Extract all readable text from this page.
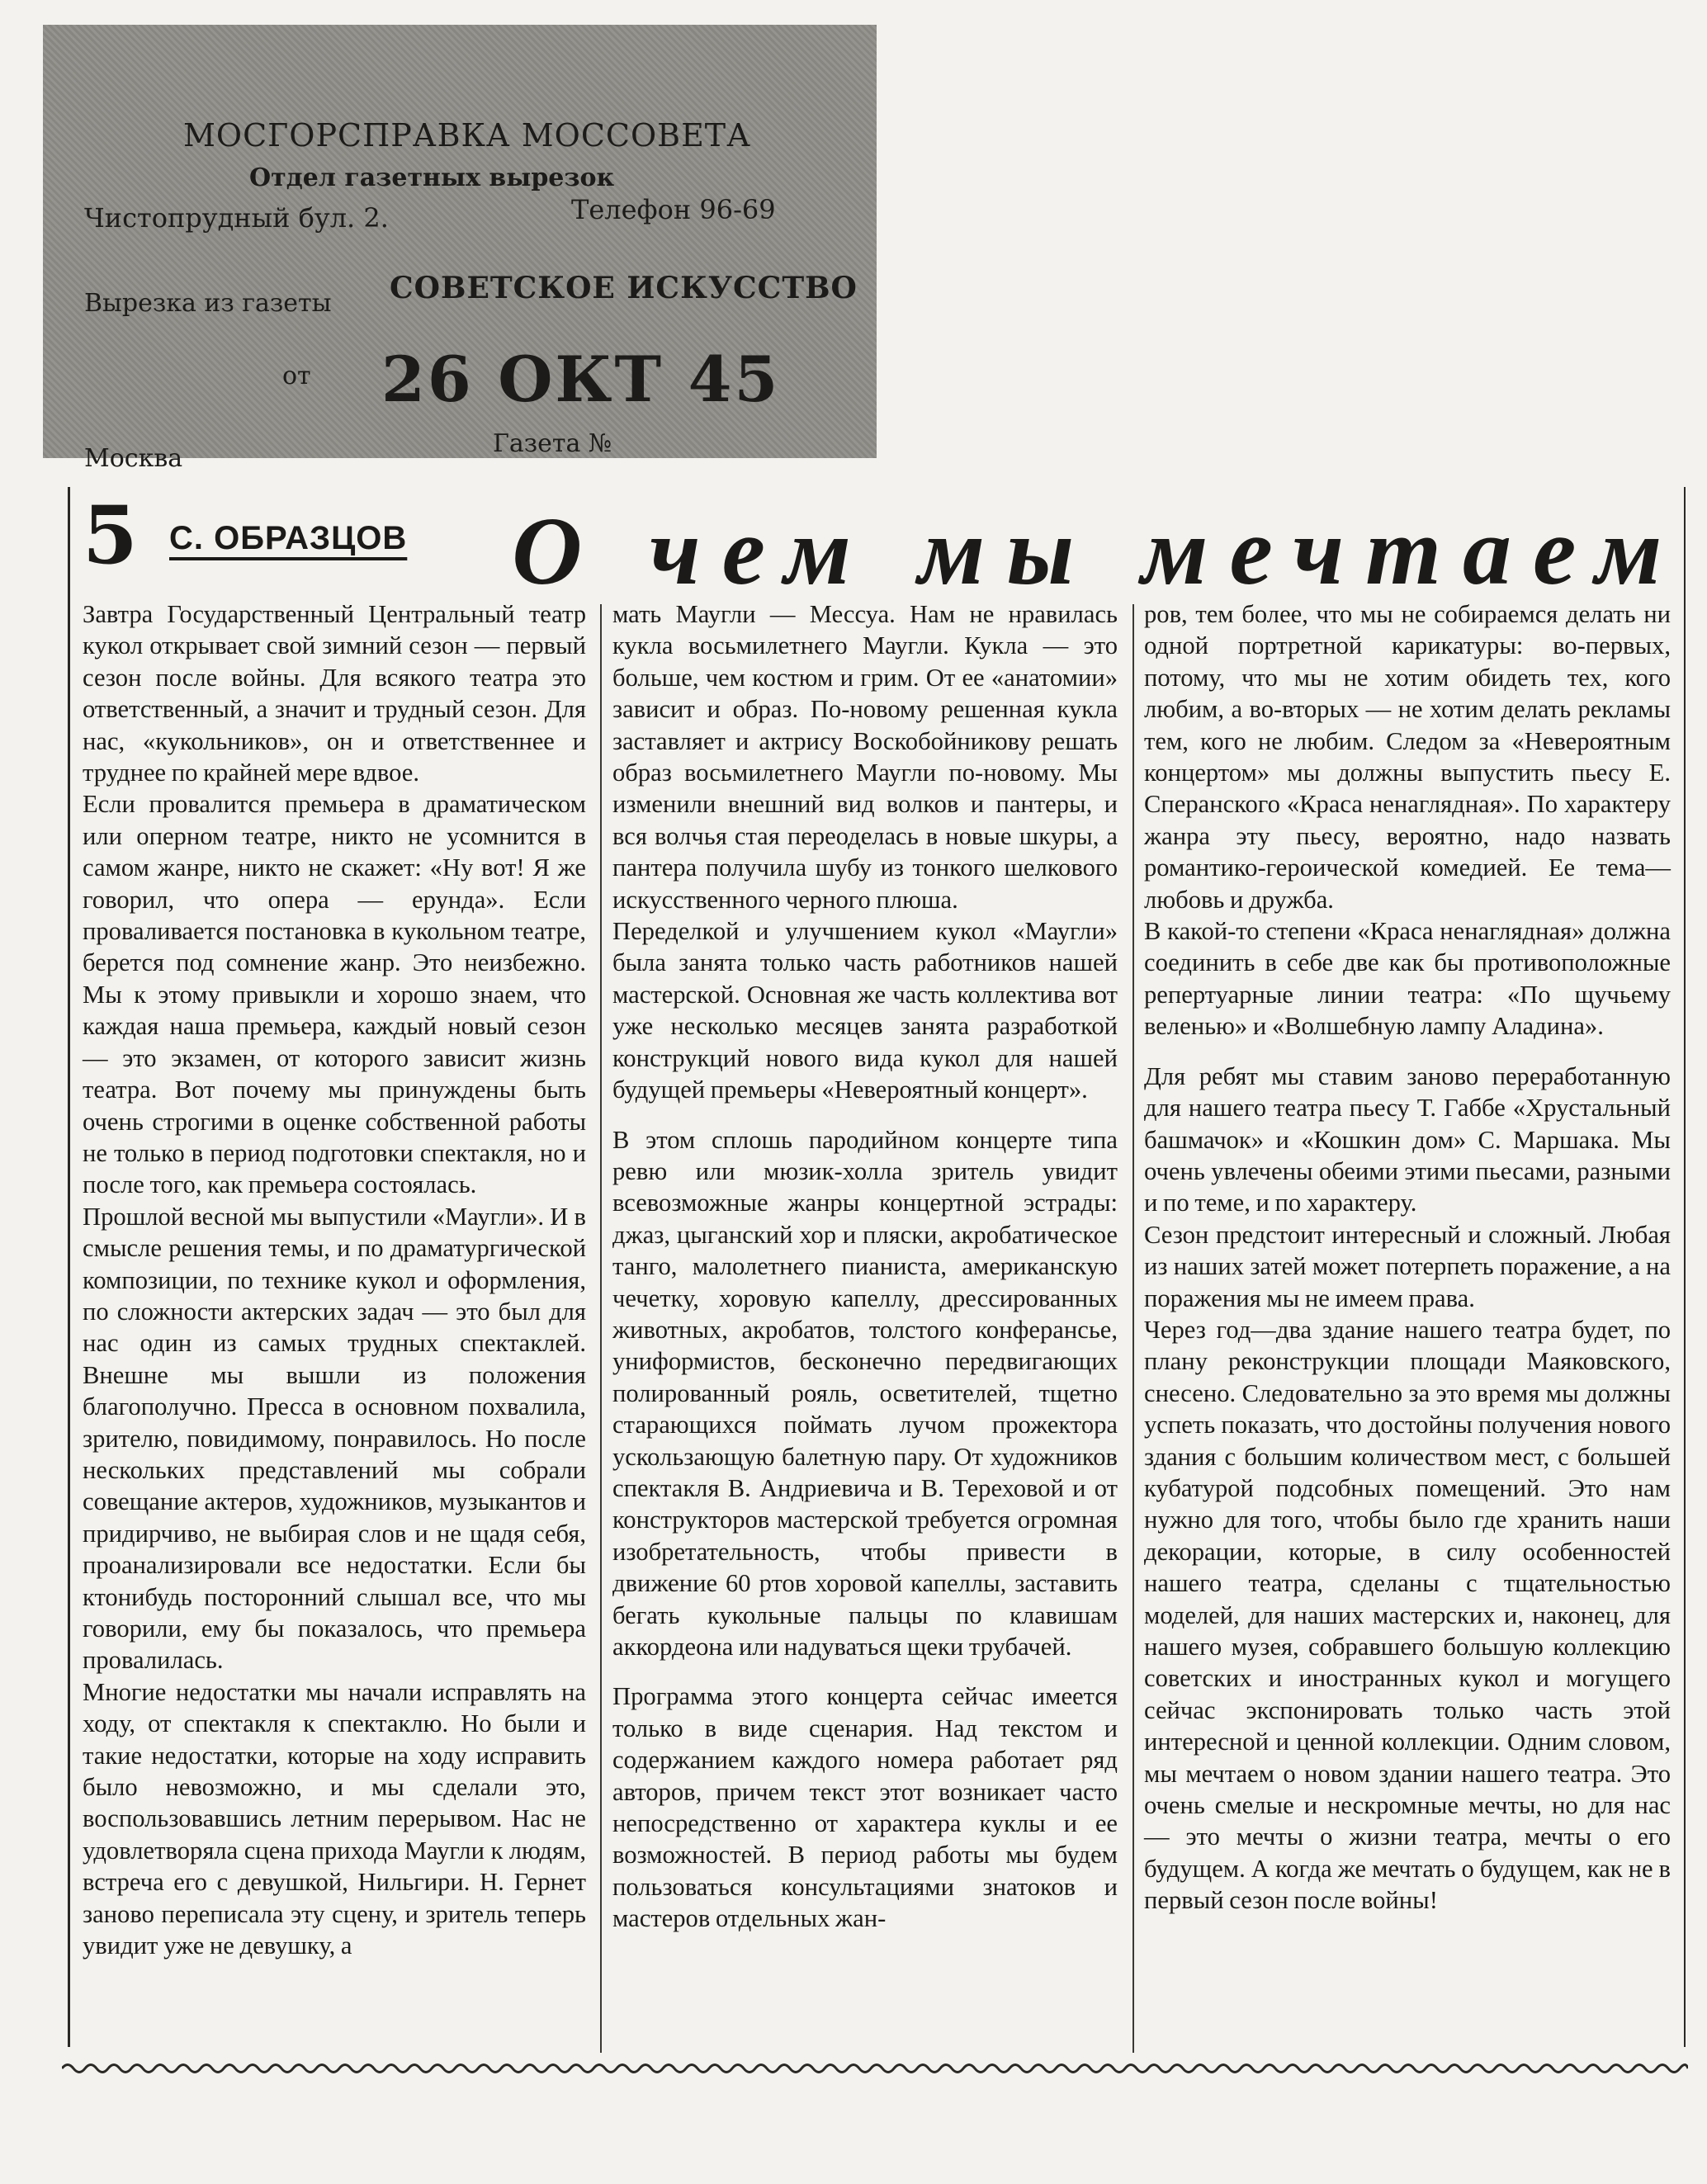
МОСГОРСПРАВКА МОССОВЕТА
Отдел газетных вырезок
Чистопрудный бул. 2.	Телефон 96-69
Вырезка из газеты СОВЕТСКОЕ ИСКУССТВО
от 26 ОКТ 45
Москва
Газета №
5 С. ОБРАЗЦОВ О чем мы мечтаем

Завтра Государственный Центральный театр кукол открывает свой зимний сезон — первый сезон после войны. Для всякого театра это ответственный, а значит и трудный сезон. Для нас, «кукольников», он и ответственнее и труднее по крайней мере вдвое.

Если провалится премьера в драматическом или оперном театре, никто не усомнится в самом жанре, никто не скажет: «Ну вот! Я же говорил, что опера — ерунда». Если проваливается постановка в кукольном театре, берется под сомнение жанр. Это неизбежно. Мы к этому привыкли и хорошо знаем, что каждая наша премьера, каждый новый сезон — это экзамен, от которого зависит жизнь театра. Вот почему мы принуждены быть очень строгими в оценке собственной работы не только в период подготовки спектакля, но и после того, как премьера состоялась.

Прошлой весной мы выпустили «Маугли». И в смысле решения темы, и по драматургической композиции, по технике кукол и оформления, по сложности актерских задач — это был для нас один из самых трудных спектаклей. Внешне мы вышли из положения благополучно. Пресса в основном похвалила, зрителю, повидимому, понравилось. Но после нескольких представлений мы собрали совещание актеров, художников, музыкантов и придирчиво, не выбирая слов и не щадя себя, проанализировали все недостатки. Если бы ктонибудь посторонний слышал все, что мы говорили, ему бы показалось, что премьера провалилась.

Многие недостатки мы начали исправлять на ходу, от спектакля к спектаклю. Но были и такие недостатки, которые на ходу исправить было невозможно, и мы сделали это, воспользовавшись летним перерывом. Нас не удовлетворяла сцена прихода Маугли к людям, встреча его с девушкой, Нильгири. Н. Гернет заново переписала эту сцену, и зритель теперь увидит уже не девушку, а

мать Маугли — Мессуа. Нам не нравилась кукла восьмилетнего Маугли. Кукла — это больше, чем костюм и грим. От ее «анатомии» зависит и образ. По-новому решенная кукла заставляет и актрису Воскобойникову решать образ восьмилетнего Маугли по-новому. Мы изменили внешний вид волков и пантеры, и вся волчья стая переоделась в новые шкуры, а пантера получила шубу из тонкого шелкового искусственного черного плюша.

Переделкой и улучшением кукол «Маугли» была занята только часть работников нашей мастерской. Основная же часть коллектива вот уже несколько месяцев занята разработкой конструкций нового вида кукол для нашей будущей премьеры «Невероятный концерт».

В этом сплошь пародийном концерте типа ревю или мюзик-холла зритель увидит всевозможные жанры концертной эстрады: джаз, цыганский хор и пляски, акробатическое танго, малолетнего пианиста, американскую чечетку, хоровую капеллу, дрессированных животных, акробатов, толстого конферансье, униформистов, бесконечно передвигающих полированный рояль, осветителей, тщетно старающихся поймать лучом прожектора ускользающую балетную пару. От художников спектакля В. Андриевича и В. Тереховой и от конструкторов мастерской требуется огромная изобретательность, чтобы привести в движение 60 ртов хоровой капеллы, заставить бегать кукольные пальцы по клавишам аккордеона или надуваться щеки трубачей.

Программа этого концерта сейчас имеется только в виде сценария. Над текстом и содержанием каждого номера работает ряд авторов, причем текст этот возникает часто непосредственно от характера куклы и ее возможностей. В период работы мы будем пользоваться консультациями знатоков и мастеров отдельных жан-

ров, тем более, что мы не собираемся делать ни одной портретной карикатуры: во-первых, потому, что мы не хотим обидеть тех, кого любим, а во-вторых — не хотим делать рекламы тем, кого не любим. Следом за «Невероятным концертом» мы должны выпустить пьесу Е. Сперанского «Краса ненаглядная». По характеру жанра эту пьесу, вероятно, надо назвать романтико-героической комедией. Ее тема—любовь и дружба.

В какой-то степени «Краса ненаглядная» должна соединить в себе две как бы противоположные репертуарные линии театра: «По щучьему веленью» и «Волшебную лампу Аладина».

Для ребят мы ставим заново переработанную для нашего театра пьесу Т. Габбе «Хрустальный башмачок» и «Кошкин дом» С. Маршака. Мы очень увлечены обеими этими пьесами, разными и по теме, и по характеру.

Сезон предстоит интересный и сложный. Любая из наших затей может потерпеть поражение, а на поражения мы не имеем права.

Через год—два здание нашего театра будет, по плану реконструкции площади Маяковского, снесено. Следовательно за это время мы должны успеть показать, что достойны получения нового здания с большим количеством мест, с большей кубатурой подсобных помещений. Это нам нужно для того, чтобы было где хранить наши декорации, которые, в силу особенностей нашего театра, сделаны с тщательностью моделей, для наших мастерских и, наконец, для нашего музея, собравшего большую коллекцию советских и иностранных кукол и могущего сейчас экспонировать только часть этой интересной и ценной коллекции. Одним словом, мы мечтаем о новом здании нашего театра. Это очень смелые и нескромные мечты, но для нас — это мечты о жизни театра, мечты о его будущем. А когда же мечтать о будущем, как не в первый сезон после войны!
